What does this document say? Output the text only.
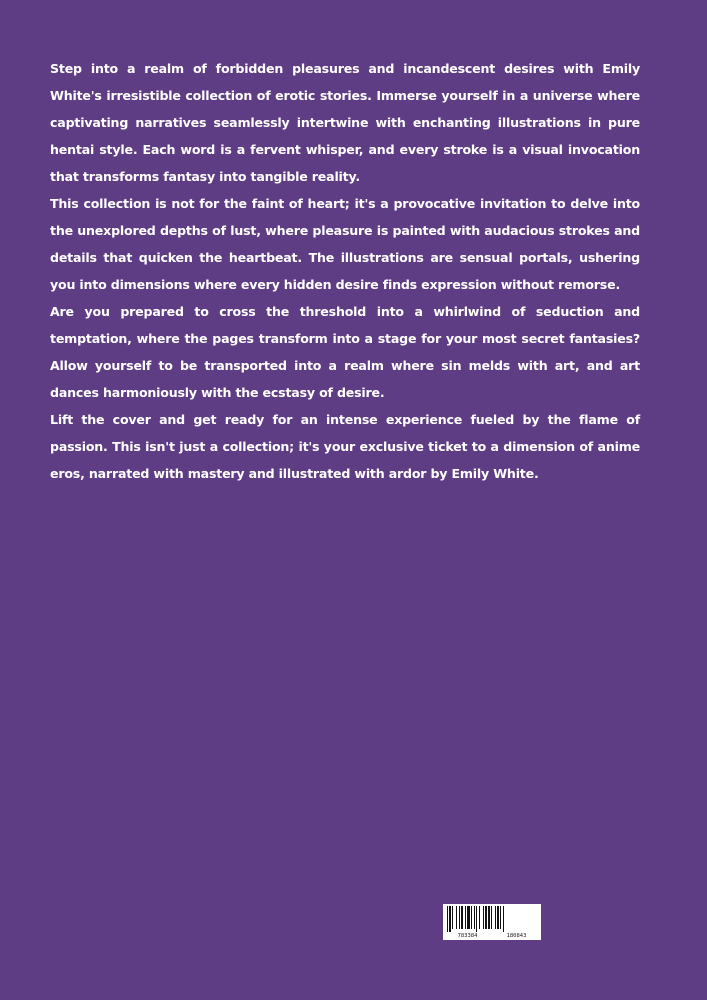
Step into a realm of forbidden pleasures and incandescent desires with Emily White's irresistible collection of erotic stories. Immerse yourself in a universe where captivating narratives seamlessly intertwine with enchanting illustrations in pure hentai style. Each word is a fervent whisper, and every stroke is a visual invocation that transforms fantasy into tangible reality.

This collection is not for the faint of heart; it's a provocative invitation to delve into the unexplored depths of lust, where pleasure is painted with audacious strokes and details that quicken the heartbeat. The illustrations are sensual portals, ushering you into dimensions where every hidden desire finds expression without remorse.

Are you prepared to cross the threshold into a whirlwind of seduction and temptation, where the pages transform into a stage for your most secret fantasies? Allow yourself to be transported into a realm where sin melds with art, and art dances harmoniously with the ecstasy of desire.

Lift the cover and get ready for an intense experience fueled by the flame of passion. This isn't just a collection; it's your exclusive ticket to a dimension of anime eros, narrated with mastery and illustrated with ardor by Emily White.

783384	180843
